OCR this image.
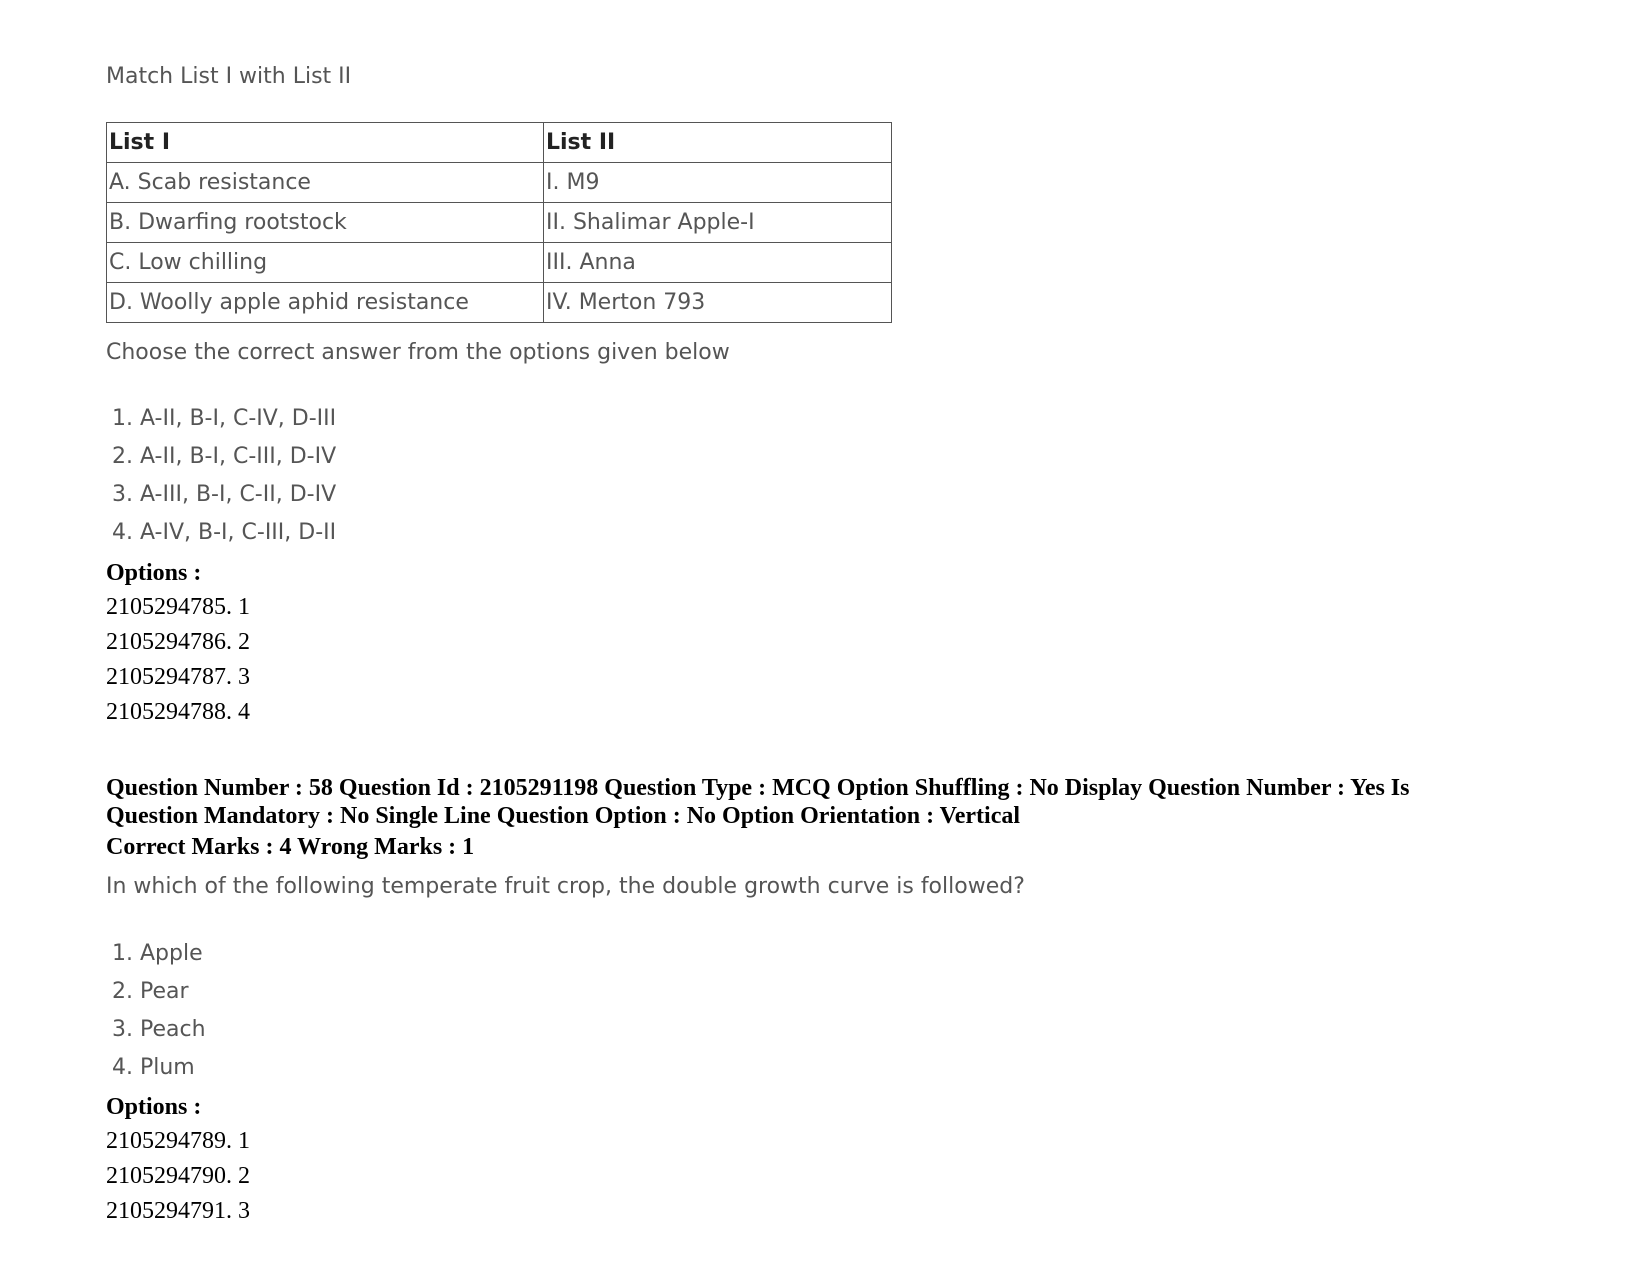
Match List I with List II
List I	List II
A. Scab resistance	I. M9
B. Dwarfing rootstock	II. Shalimar Apple-I
C. Low chilling	III. Anna
D. Woolly apple aphid resistance	IV. Merton 793
Choose the correct answer from the options given below
1. A-II, B-I, C-IV, D-III
2. A-II, B-I, C-III, D-IV
3. A-III, B-I, C-II, D-IV
4. A-IV, B-I, C-III, D-II
Options :
2105294785. 1
2105294786. 2
2105294787. 3
2105294788. 4
Question Number : 58 Question Id : 2105291198 Question Type : MCQ Option Shuffling : No Display Question Number : Yes Is Question Mandatory : No Single Line Question Option : No Option Orientation : Vertical
Correct Marks : 4 Wrong Marks : 1
In which of the following temperate fruit crop, the double growth curve is followed?
1. Apple
2. Pear
3. Peach
4. Plum
Options :
2105294789. 1
2105294790. 2
2105294791. 3
